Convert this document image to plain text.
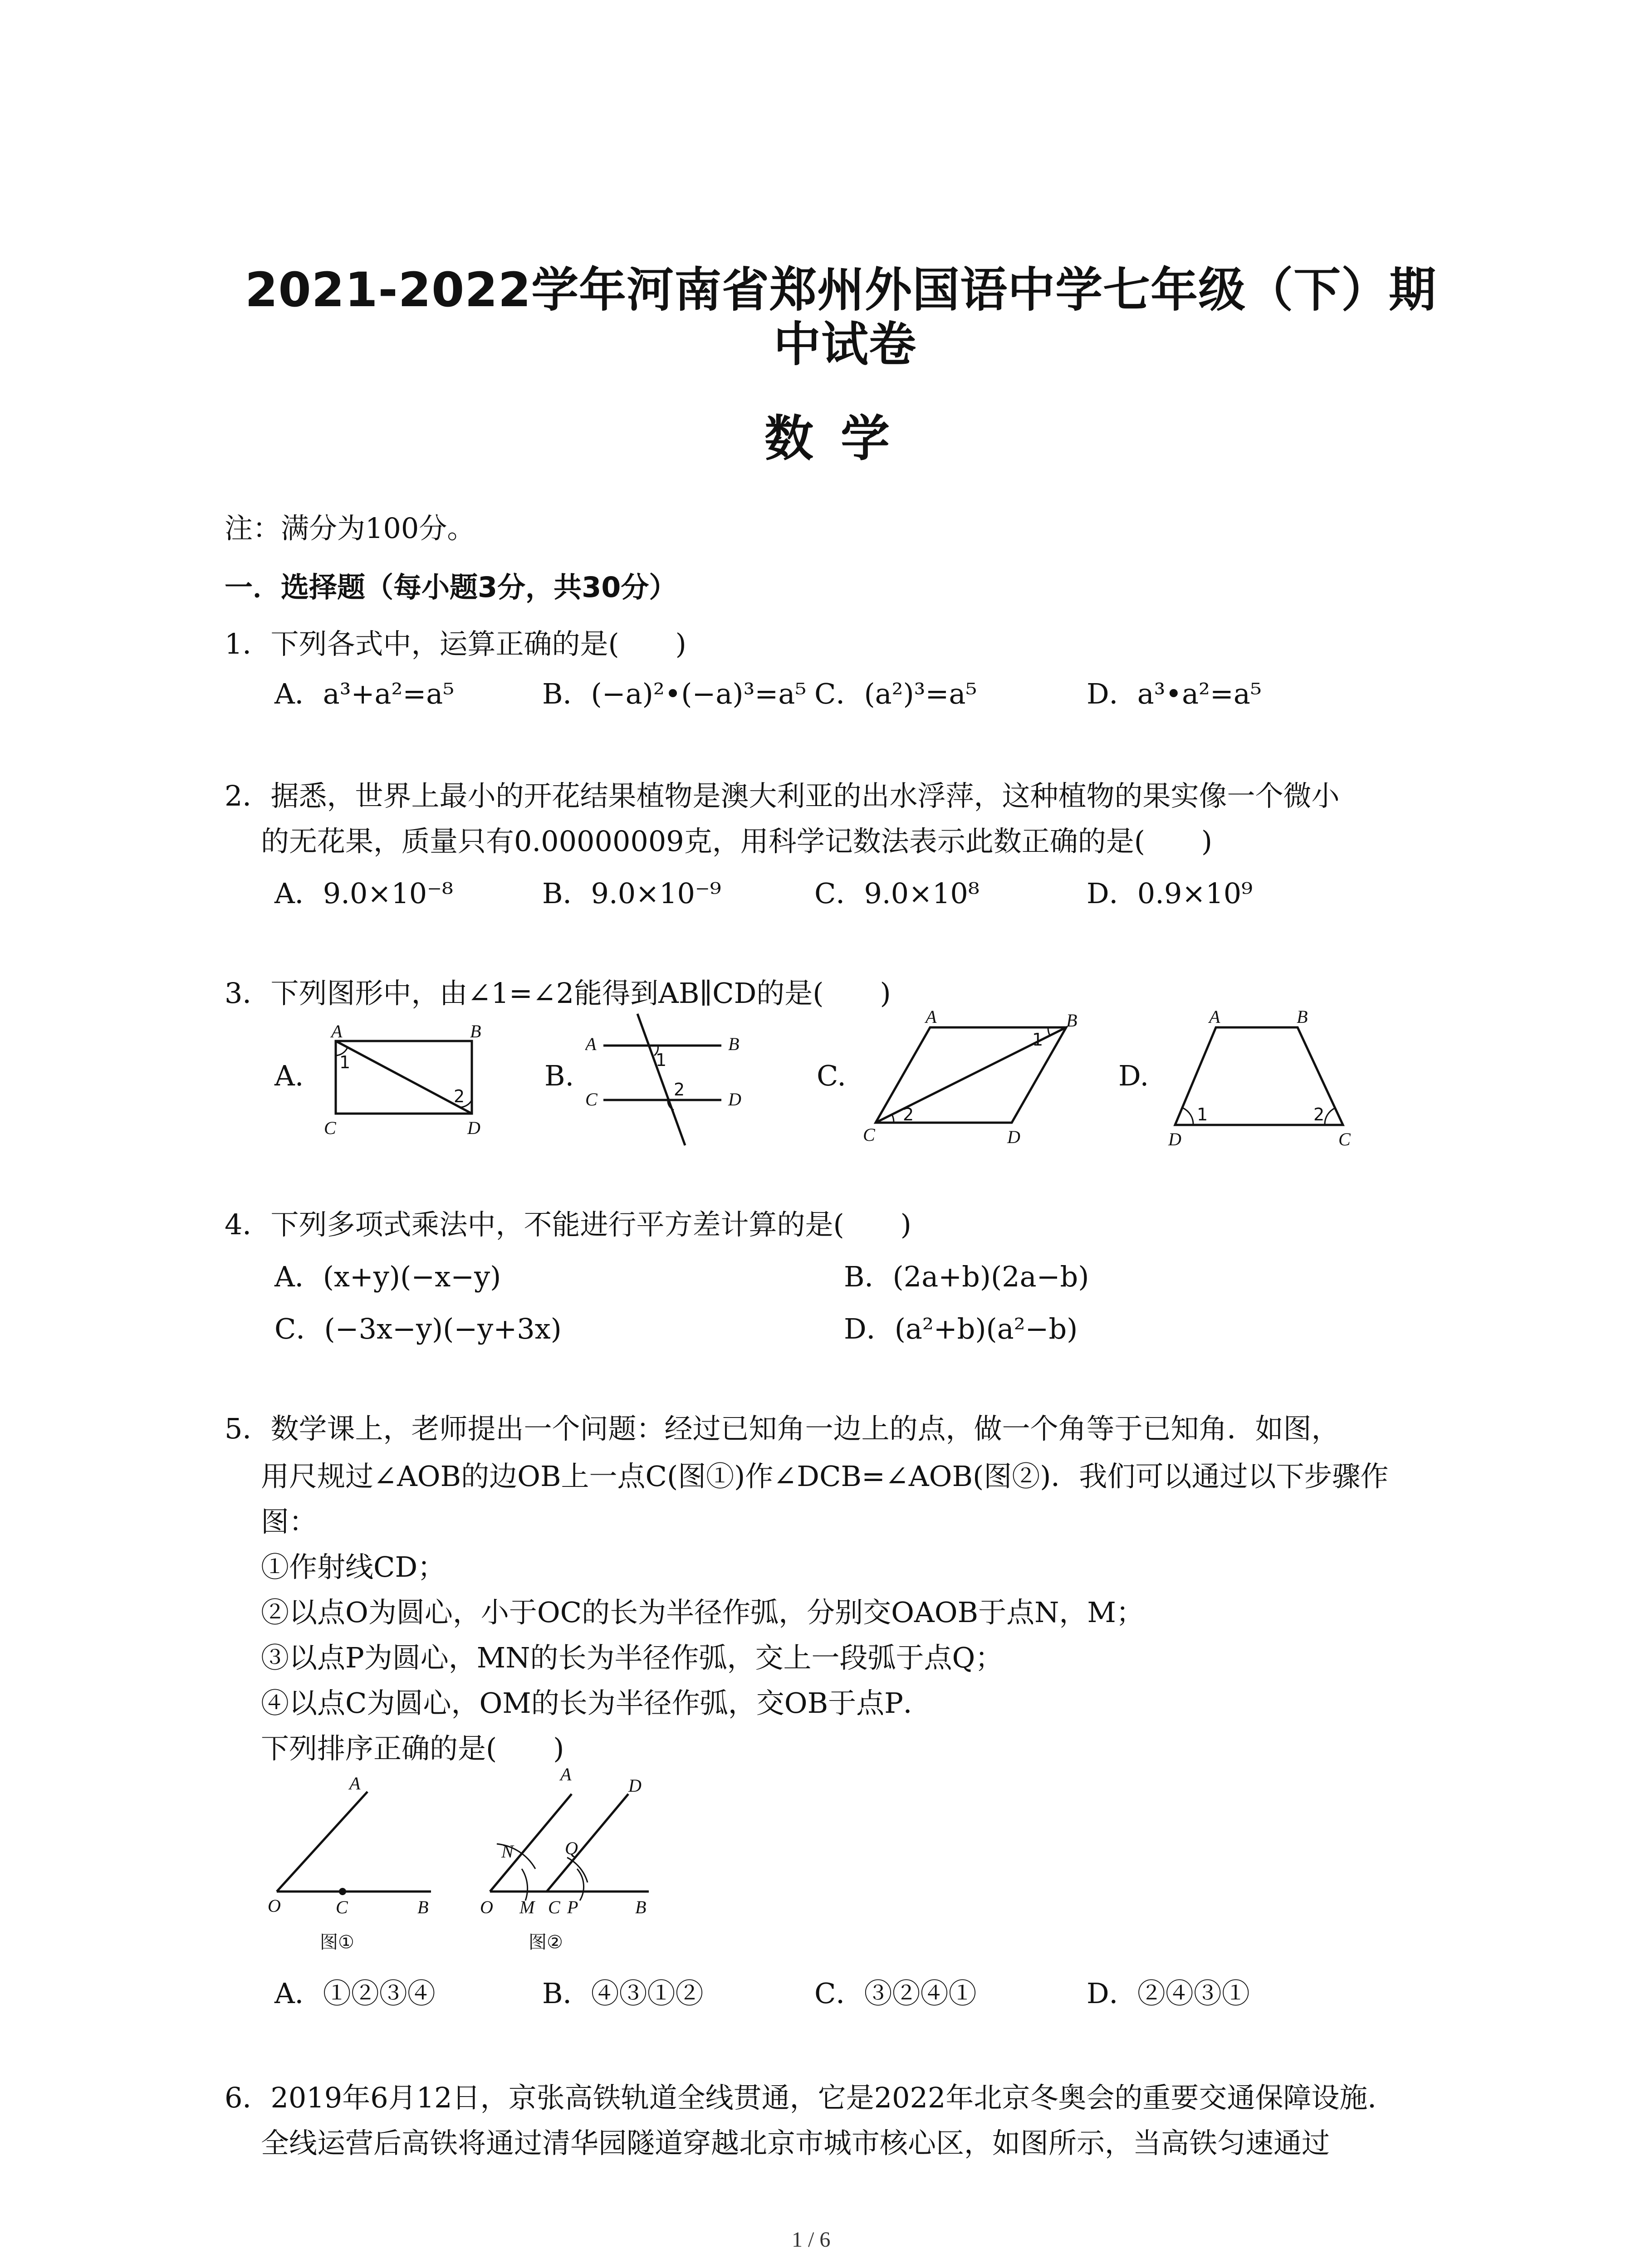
2021-2022学年河南省郑州外国语中学七年级（下）期
中试卷
数学
注：满分为100分。
一．选择题（每小题3分，共30分）
1．下列各式中，运算正确的是(　　)
A．a³+a²=a⁵	B．(−a)²•(−a)³=a⁵ C．(a²)³=a⁵	D．a³•a²=a⁵
2．据悉，世界上最小的开花结果植物是澳大利亚的出水浮萍，这种植物的果实像一个微小
的无花果，质量只有0.00000009克，用科学记数法表示此数正确的是(　　)
A．9.0×10⁻⁸	B．9.0×10⁻⁹	C．9.0×10⁸	D．0.9×10⁹
3．下列图形中，由∠1=∠2能得到AB∥CD的是(　　)
A.	B.	C.	D.
A	B
C	D
1
2
A	B
C	D
1
2
A	B
C	D
1
2
A	B
D	C
1	2
4．下列多项式乘法中，不能进行平方差计算的是(　　)
A．(x+y)(−x−y)	B．(2a+b)(2a−b)
C．(−3x−y)(−y+3x)	D．(a²+b)(a²−b)
5．数学课上，老师提出一个问题：经过已知角一边上的点，做一个角等于已知角．如图，
用尺规过∠AOB的边OB上一点C(图①)作∠DCB=∠AOB(图②)．我们可以通过以下步骤作
图：
①作射线CD；
②以点O为圆心，小于OC的长为半径作弧，分别交OAOB于点N，M；
③以点P为圆心，MN的长为半径作弧，交上一段弧于点Q；
④以点C为圆心，OM的长为半径作弧，交OB于点P．
下列排序正确的是(　　)
A
O	C	B
图①
A
D
N	Q
O M C P	B
图②
A．①②③④	B．④③①②	C．③②④①	D．②④③①
6．2019年6月12日，京张高铁轨道全线贯通，它是2022年北京冬奥会的重要交通保障设施．
全线运营后高铁将通过清华园隧道穿越北京市城市核心区，如图所示，当高铁匀速通过
1 / 6
